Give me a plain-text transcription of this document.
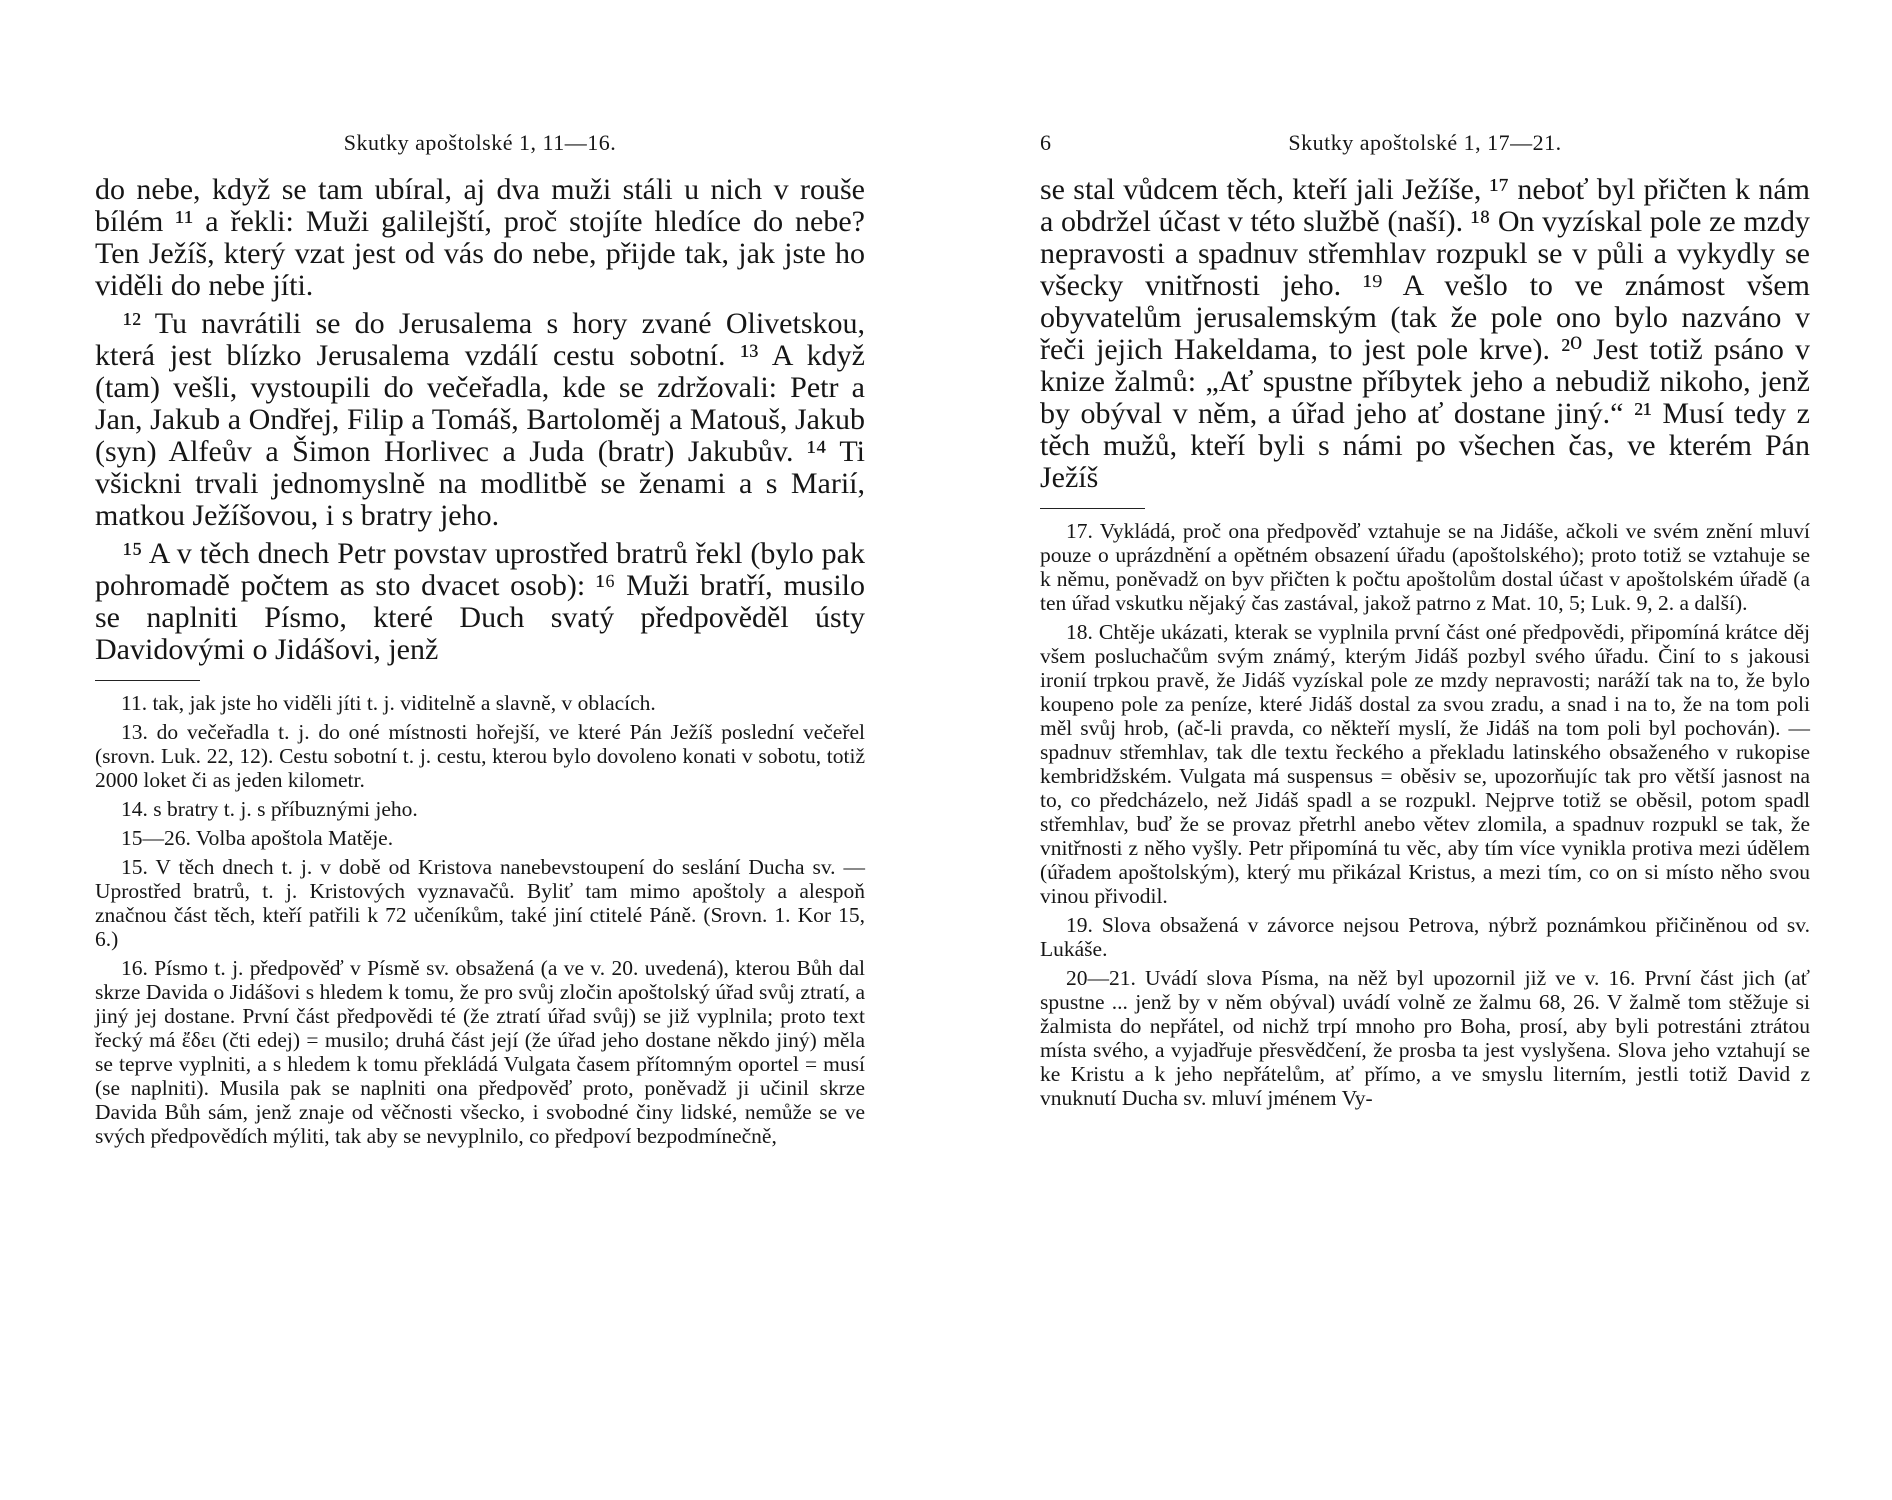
Skutky apoštolské 1, 11—16.

do nebe, když se tam ubíral, aj dva muži stáli u nich v rouše bílém ¹¹ a řekli: Muži galilejští, proč stojíte hledíce do nebe? Ten Ježíš, který vzat jest od vás do nebe, přijde tak, jak jste ho viděli do nebe jíti.

¹² Tu navrátili se do Jerusalema s hory zvané Olivetskou, která jest blízko Jerusalema vzdálí cestu sobotní. ¹³ A když (tam) vešli, vystoupili do večeřadla, kde se zdržovali: Petr a Jan, Jakub a Ondřej, Filip a Tomáš, Bartoloměj a Matouš, Jakub (syn) Alfeův a Šimon Horlivec a Juda (bratr) Jakubův. ¹⁴ Ti všickni trvali jednomyslně na modlitbě se ženami a s Marií, matkou Ježíšovou, i s bratry jeho.

¹⁵ A v těch dnech Petr povstav uprostřed bratrů řekl (bylo pak pohromadě počtem as sto dvacet osob): ¹⁶ Muži bratří, musilo se naplniti Písmo, které Duch svatý předpověděl ústy Davidovými o Jidášovi, jenž

11. tak, jak jste ho viděli jíti t. j. viditelně a slavně, v oblacích.

13. do večeřadla t. j. do oné místnosti hořejší, ve které Pán Ježíš poslední večeřel (srovn. Luk. 22, 12). Cestu sobotní t. j. cestu, kterou bylo dovoleno konati v sobotu, totiž 2000 loket či as jeden kilometr.

14. s bratry t. j. s příbuznými jeho.

15—26. Volba apoštola Matěje.

15. V těch dnech t. j. v době od Kristova nanebevstoupení do seslání Ducha sv. — Uprostřed bratrů, t. j. Kristových vyznavačů. Byliť tam mimo apoštoly a alespoň značnou část těch, kteří patřili k 72 učeníkům, také jiní ctitelé Páně. (Srovn. 1. Kor 15, 6.)

16. Písmo t. j. předpověď v Písmě sv. obsažená (a ve v. 20. uvedená), kterou Bůh dal skrze Davida o Jidášovi s hledem k tomu, že pro svůj zločin apoštolský úřad svůj ztratí, a jiný jej dostane. První část předpovědi té (že ztratí úřad svůj) se již vyplnila; proto text řecký má ἔδει (čti edej) = musilo; druhá část její (že úřad jeho dostane někdo jiný) měla se teprve vyplniti, a s hledem k tomu překládá Vulgata časem přítomným oportel = musí (se naplniti). Musila pak se naplniti ona předpověď proto, poněvadž ji učinil skrze Davida Bůh sám, jenž znaje od věčnosti všecko, i svobodné činy lidské, nemůže se ve svých předpovědích mýliti, tak aby se nevyplnilo, co předpoví bezpodmínečně,

6	Skutky apoštolské 1, 17—21.

se stal vůdcem těch, kteří jali Ježíše, ¹⁷ neboť byl přičten k nám a obdržel účast v této službě (naší). ¹⁸ On vyzískal pole ze mzdy nepravosti a spadnuv střemhlav rozpukl se v půli a vykydly se všecky vnitřnosti jeho. ¹⁹ A vešlo to ve známost všem obyvatelům jerusalemským (tak že pole ono bylo nazváno v řeči jejich Hakeldama, to jest pole krve). ²⁰ Jest totiž psáno v knize žalmů: „Ať spustne příbytek jeho a nebudiž nikoho, jenž by obýval v něm, a úřad jeho ať dostane jiný.“ ²¹ Musí tedy z těch mužů, kteří byli s námi po všechen čas, ve kterém Pán Ježíš

17. Vykládá, proč ona předpověď vztahuje se na Jidáše, ačkoli ve svém znění mluví pouze o uprázdnění a opětném obsazení úřadu (apoštolského); proto totiž se vztahuje se k němu, poněvadž on byv přičten k počtu apoštolům dostal účast v apoštolském úřadě (a ten úřad vskutku nějaký čas zastával, jakož patrno z Mat. 10, 5; Luk. 9, 2. a další).

18. Chtěje ukázati, kterak se vyplnila první část oné předpovědi, připomíná krátce děj všem posluchačům svým známý, kterým Jidáš pozbyl svého úřadu. Činí to s jakousi ironií trpkou pravě, že Jidáš vyzískal pole ze mzdy nepravosti; naráží tak na to, že bylo koupeno pole za peníze, které Jidáš dostal za svou zradu, a snad i na to, že na tom poli měl svůj hrob, (ač-li pravda, co někteří myslí, že Jidáš na tom poli byl pochován). — spadnuv střemhlav, tak dle textu řeckého a překladu latinského obsaženého v rukopise kembridžském. Vulgata má suspensus = oběsiv se, upozorňujíc tak pro větší jasnost na to, co předcházelo, než Jidáš spadl a se rozpukl. Nejprve totiž se oběsil, potom spadl střemhlav, buď že se provaz přetrhl anebo větev zlomila, a spadnuv rozpukl se tak, že vnitřnosti z něho vyšly. Petr připomíná tu věc, aby tím více vynikla protiva mezi údělem (úřadem apoštolským), který mu přikázal Kristus, a mezi tím, co on si místo něho svou vinou přivodil.

19. Slova obsažená v závorce nejsou Petrova, nýbrž poznámkou přičiněnou od sv. Lukáše.

20—21. Uvádí slova Písma, na něž byl upozornil již ve v. 16. První část jich (ať spustne ... jenž by v něm obýval) uvádí volně ze žalmu 68, 26. V žalmě tom stěžuje si žalmista do nepřátel, od nichž trpí mnoho pro Boha, prosí, aby byli potrestáni ztrátou místa svého, a vyjadřuje přesvědčení, že prosba ta jest vyslyšena. Slova jeho vztahují se ke Kristu a k jeho nepřátelům, ať přímo, a ve smyslu literním, jestli totiž David z vnuknutí Ducha sv. mluví jménem Vy-
